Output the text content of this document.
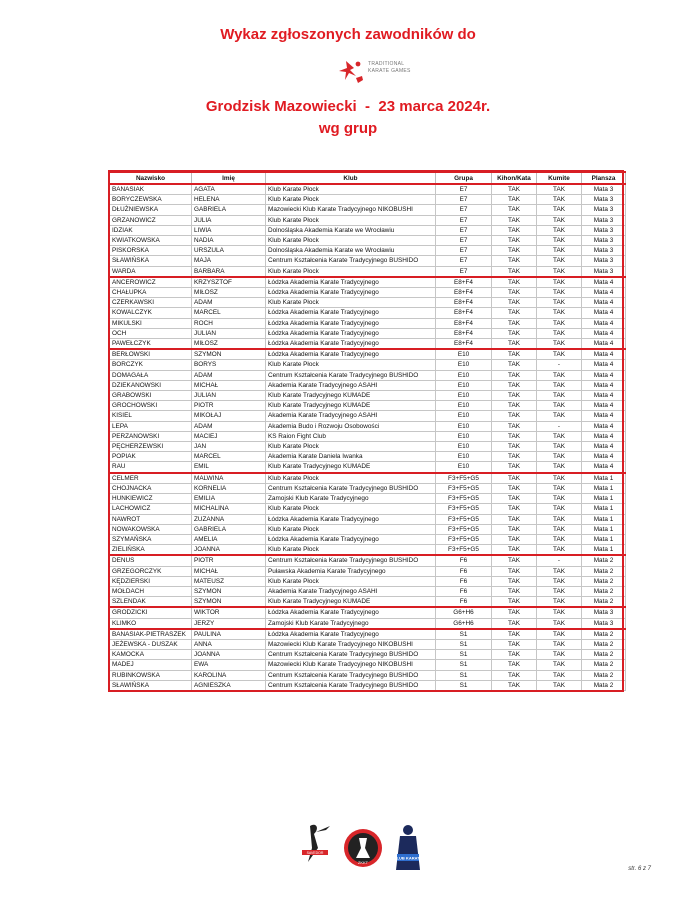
Wykaz zgłoszonych zawodników do
TRADITIONAL
KARATE GAMES
Grodzisk Mazowiecki  -  23 marca 2024r.
wg grup
Nazwisko	Imię	Klub	Grupa	Kihon/Kata	Kumite	Plansza
BANASIAK	AGATA	Klub Karate Płock	E7	TAK	TAK	Mata 3
BORYCZEWSKA	HELENA	Klub Karate Płock	E7	TAK	TAK	Mata 3
DŁUŻNIEWSKA	GABRIELA	Mazowiecki Klub Karate Tradycyjnego NIKOBUSHI	E7	TAK	TAK	Mata 3
GRZANOWICZ	JULIA	Klub Karate Płock	E7	TAK	TAK	Mata 3
IDZIAK	LIWIA	Dolnośląska Akademia Karate we Wrocławiu	E7	TAK	TAK	Mata 3
KWIATKOWSKA	NADIA	Klub Karate Płock	E7	TAK	TAK	Mata 3
PISKORSKA	URSZULA	Dolnośląska Akademia Karate we Wrocławiu	E7	TAK	TAK	Mata 3
SŁAWIŃSKA	MAJA	Centrum Kształcenia Karate Tradycyjnego BUSHIDO	E7	TAK	TAK	Mata 3
WARDA	BARBARA	Klub Karate Płock	E7	TAK	TAK	Mata 3
ANCEROWICZ	KRZYSZTOF	Łódzka Akademia Karate Tradycyjnego	E8+F4	TAK	TAK	Mata 4
CHAŁUPKA	MIŁOSZ	Łódzka Akademia Karate Tradycyjnego	E8+F4	TAK	TAK	Mata 4
CZERKAWSKI	ADAM	Klub Karate Płock	E8+F4	TAK	TAK	Mata 4
KOWALCZYK	MARCEL	Łódzka Akademia Karate Tradycyjnego	E8+F4	TAK	TAK	Mata 4
MIKULSKI	ROCH	Łódzka Akademia Karate Tradycyjnego	E8+F4	TAK	TAK	Mata 4
OCH	JULIAN	Łódzka Akademia Karate Tradycyjnego	E8+F4	TAK	TAK	Mata 4
PAWEŁCZYK	MIŁOSZ	Łódzka Akademia Karate Tradycyjnego	E8+F4	TAK	TAK	Mata 4
BERŁOWSKI	SZYMON	Łódzka Akademia Karate Tradycyjnego	E10	TAK	TAK	Mata 4
BORCZYK	BORYS	Klub Karate Płock	E10	TAK	-	Mata 4
DOMAGAŁA	ADAM	Centrum Kształcenia Karate Tradycyjnego BUSHIDO	E10	TAK	TAK	Mata 4
DZIEKANOWSKI	MICHAŁ	Akademia Karate Tradycyjnego ASAHI	E10	TAK	TAK	Mata 4
GRABOWSKI	JULIAN	Klub Karate Tradycyjnego KUMADE	E10	TAK	TAK	Mata 4
GROCHOWSKI	PIOTR	Klub Karate Tradycyjnego KUMADE	E10	TAK	TAK	Mata 4
KISIEL	MIKOŁAJ	Akademia Karate Tradycyjnego ASAHI	E10	TAK	TAK	Mata 4
LEPA	ADAM	Akademia Budo i Rozwoju Osobowości	E10	TAK	-	Mata 4
PERZANOWSKI	MACIEJ	KS Raion Fight Club	E10	TAK	TAK	Mata 4
PĘCHERZEWSKI	JAN	Klub Karate Płock	E10	TAK	TAK	Mata 4
POPIAK	MARCEL	Akademia Karate Daniela Iwanka	E10	TAK	TAK	Mata 4
RAU	EMIL	Klub Karate Tradycyjnego KUMADE	E10	TAK	TAK	Mata 4
CELMER	MALWINA	Klub Karate Płock	F3+F5+G5	TAK	TAK	Mata 1
CHOJNACKA	KORNELIA	Centrum Kształcenia Karate Tradycyjnego BUSHIDO	F3+F5+G5	TAK	TAK	Mata 1
HUNKIEWICZ	EMILIA	Zamojski Klub Karate Tradycyjnego	F3+F5+G5	TAK	TAK	Mata 1
LACHOWICZ	MICHALINA	Klub Karate Płock	F3+F5+G5	TAK	TAK	Mata 1
NAWROT	ZUZANNA	Łódzka Akademia Karate Tradycyjnego	F3+F5+G5	TAK	TAK	Mata 1
NOWAKOWSKA	GABRIELA	Klub Karate Płock	F3+F5+G5	TAK	TAK	Mata 1
SZYMAŃSKA	AMELIA	Łódzka Akademia Karate Tradycyjnego	F3+F5+G5	TAK	TAK	Mata 1
ZIELIŃSKA	JOANNA	Klub Karate Płock	F3+F5+G5	TAK	TAK	Mata 1
DENUS	PIOTR	Centrum Kształcenia Karate Tradycyjnego BUSHIDO	F6	TAK	-	Mata 2
GRZEGORCZYK	MICHAŁ	Puławska Akademia Karate Tradycyjnego	F6	TAK	TAK	Mata 2
KĘDZIERSKI	MATEUSZ	Klub Karate Płock	F6	TAK	TAK	Mata 2
MOŁDACH	SZYMON	Akademia Karate Tradycyjnego ASAHI	F6	TAK	TAK	Mata 2
SZLENDAK	SZYMON	Klub Karate Tradycyjnego KUMADE	F6	TAK	TAK	Mata 2
GRODZICKI	WIKTOR	Łódzka Akademia Karate Tradycyjnego	G6+H6	TAK	TAK	Mata 3
KLIMKO	JERZY	Zamojski Klub Karate Tradycyjnego	G6+H6	TAK	TAK	Mata 3
BANASIAK-PIETRASZEK	PAULINA	Łódzka Akademia Karate Tradycyjnego	S1	TAK	TAK	Mata 2
JEŻEWSKA - DUSZAK	ANNA	Mazowiecki Klub Karate Tradycyjnego NIKOBUSHI	S1	TAK	TAK	Mata 2
KAMOCKA	JOANNA	Centrum Kształcenia Karate Tradycyjnego BUSHIDO	S1	TAK	TAK	Mata 2
MADEJ	EWA	Mazowiecki Klub Karate Tradycyjnego NIKOBUSHI	S1	TAK	TAK	Mata 2
RUBINKOWSKA	KAROLINA	Centrum Kształcenia Karate Tradycyjnego BUSHIDO	S1	TAK	TAK	Mata 2
SŁAWIŃSKA	AGNIESZKA	Centrum Kształcenia Karate Tradycyjnego BUSHIDO	S1	TAK	TAK	Mata 2
SAVEDOR
ZKKT
KLUB KARATE
str. 6 z 7
